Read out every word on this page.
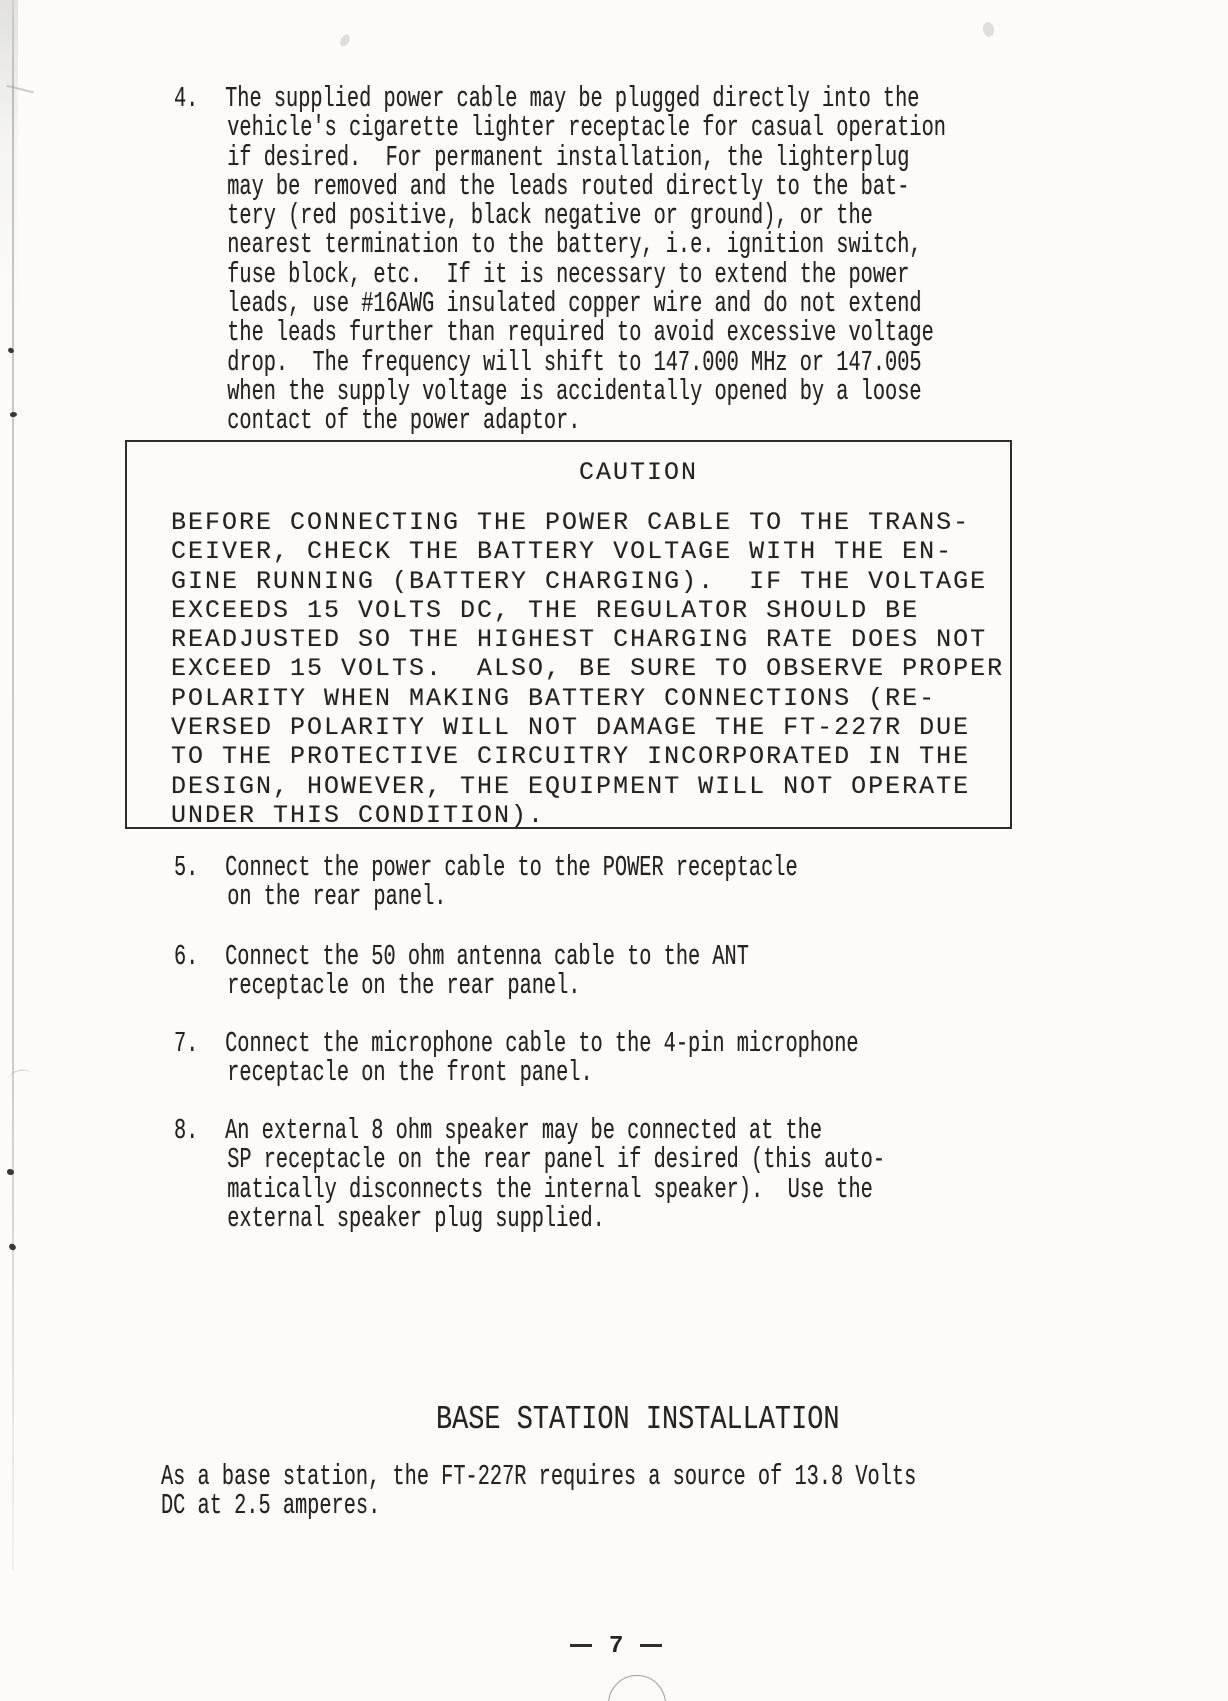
4. The supplied power cable may be plugged directly into the
vehicle's cigarette lighter receptacle for casual operation
if desired.  For permanent installation, the lighterplug
may be removed and the leads routed directly to the bat-
tery (red positive, black negative or ground), or the
nearest termination to the battery, i.e. ignition switch,
fuse block, etc.  If it is necessary to extend the power
leads, use #16AWG insulated copper wire and do not extend
the leads further than required to avoid excessive voltage
drop.  The frequency will shift to 147.000 MHz or 147.005
when the supply voltage is accidentally opened by a loose
contact of the power adaptor.
CAUTION
BEFORE CONNECTING THE POWER CABLE TO THE TRANS-
CEIVER, CHECK THE BATTERY VOLTAGE WITH THE EN-
GINE RUNNING (BATTERY CHARGING).  IF THE VOLTAGE
EXCEEDS 15 VOLTS DC, THE REGULATOR SHOULD BE
READJUSTED SO THE HIGHEST CHARGING RATE DOES NOT
EXCEED 15 VOLTS.  ALSO, BE SURE TO OBSERVE PROPER
POLARITY WHEN MAKING BATTERY CONNECTIONS (RE-
VERSED POLARITY WILL NOT DAMAGE THE FT-227R DUE
TO THE PROTECTIVE CIRCUITRY INCORPORATED IN THE
DESIGN, HOWEVER, THE EQUIPMENT WILL NOT OPERATE
UNDER THIS CONDITION).
5. Connect the power cable to the POWER receptacle
on the rear panel.
6. Connect the 50 ohm antenna cable to the ANT
receptacle on the rear panel.
7. Connect the microphone cable to the 4-pin microphone
receptacle on the front panel.
8. An external 8 ohm speaker may be connected at the
SP receptacle on the rear panel if desired (this auto-
matically disconnects the internal speaker).  Use the
external speaker plug supplied.
BASE STATION INSTALLATION
As a base station, the FT-227R requires a source of 13.8 Volts
DC at 2.5 amperes.
7
